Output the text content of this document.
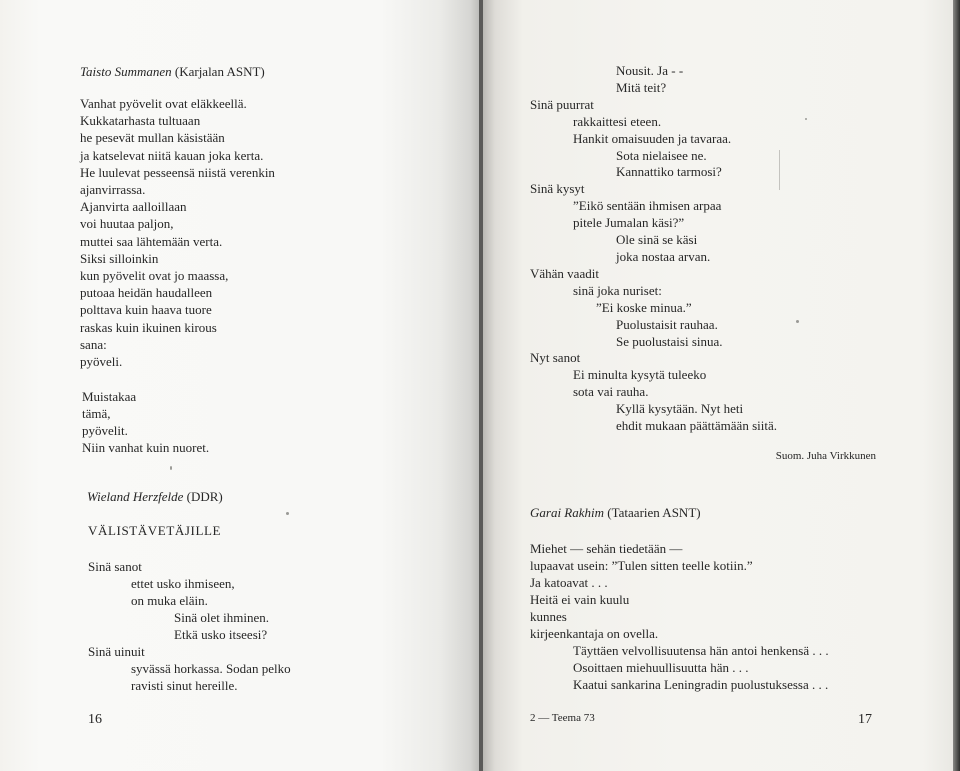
Taisto Summanen (Karjalan ASNT)
Vanhat pyövelit ovat eläkkeellä.
Kukkatarhasta tultuaan
he pesevät mullan käsistään
ja katselevat niitä kauan joka kerta.
He luulevat pesseensä niistä verenkin
ajanvirrassa.
Ajanvirta aalloillaan
voi huutaa paljon,
muttei saa lähtemään verta.
Siksi silloinkin
kun pyövelit ovat jo maassa,
putoaa heidän haudalleen
polttava kuin haava tuore
raskas kuin ikuinen kirous
sana:
pyöveli.
Muistakaa
tämä,
pyövelit.
Niin vanhat kuin nuoret.
Wieland Herzfelde (DDR)
VÄLISTÄVETÄJILLE
Sinä sanot
ettet usko ihmiseen,
on muka eläin.
Sinä olet ihminen.
Etkä usko itseesi?
Sinä uinuit
syvässä horkassa. Sodan pelko
ravisti sinut hereille.
16
Nousit. Ja - -
Mitä teit?
Sinä puurrat
rakkaittesi eteen.
Hankit omaisuuden ja tavaraa.
Sota nielaisee ne.
Kannattiko tarmosi?
Sinä kysyt
”Eikö sentään ihmisen arpaa
pitele Jumalan käsi?”
Ole sinä se käsi
joka nostaa arvan.
Vähän vaadit
sinä joka nuriset:
”Ei koske minua.”
Puolustaisit rauhaa.
Se puolustaisi sinua.
Nyt sanot
Ei minulta kysytä tuleeko
sota vai rauha.
Kyllä kysytään. Nyt heti
ehdit mukaan päättämään siitä.
Suom. Juha Virkkunen
Garai Rakhim (Tataarien ASNT)
Miehet — sehän tiedetään —
lupaavat usein: ”Tulen sitten teelle kotiin.”
Ja katoavat . . .
Heitä ei vain kuulu
kunnes
kirjeenkantaja on ovella.
Täyttäen velvollisuutensa hän antoi henkensä . . .
Osoittaen miehuullisuutta hän . . .
Kaatui sankarina Leningradin puolustuksessa . . .
2 — Teema 73	17
